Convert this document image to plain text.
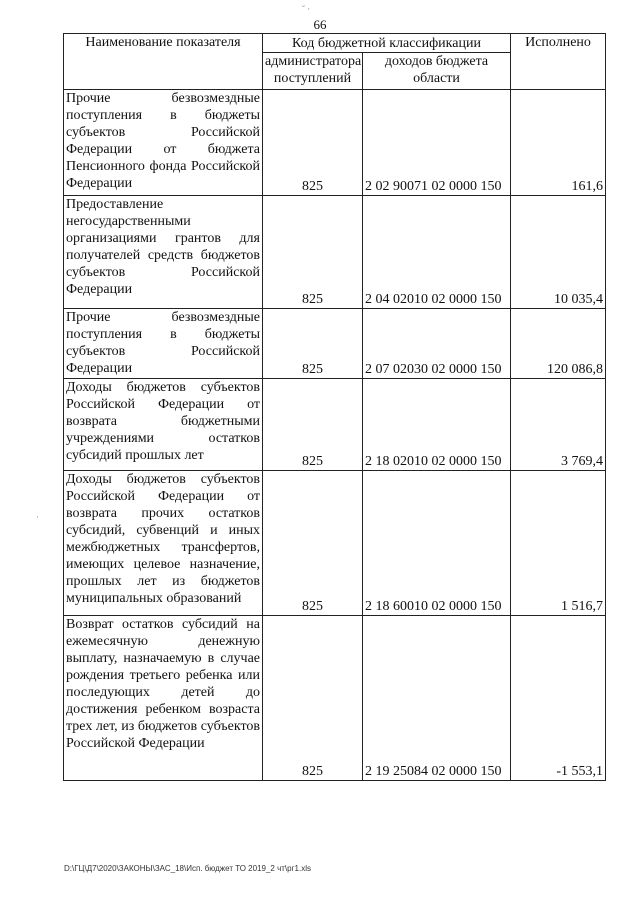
˘ ·
66
·
Наименование показателя	Код бюджетной классификации		Исполнено
	администратора поступлений	доходов бюджета области	
Прочие безвозмездные поступления в бюджеты субъектов Российской Федерации от бюджета Пенсионного фонда Российской Федерации	825	2 02 90071 02 0000 150	161,6
Предоставление негосударственными организациями грантов для получателей средств бюджетов субъектов Российской Федерации	825	2 04 02010 02 0000 150	10 035,4
Прочие безвозмездные поступления в бюджеты субъектов Российской Федерации	825	2 07 02030 02 0000 150	120 086,8
Доходы бюджетов субъектов Российской Федерации от возврата бюджетными учреждениями остатков субсидий прошлых лет	825	2 18 02010 02 0000 150	3 769,4
Доходы бюджетов субъектов Российской Федерации от возврата прочих остатков субсидий, субвенций и иных межбюджетных трансфертов, имеющих целевое назначение, прошлых лет из бюджетов муниципальных образований	825	2 18 60010 02 0000 150	1 516,7
Возврат остатков субсидий на ежемесячную денежную выплату, назначаемую в случае рождения третьего ребенка или последующих детей до достижения ребенком возраста трех лет, из бюджетов субъектов Российской Федерации	825	2 19 25084 02 0000 150	-1 553,1
D:\ГЦ\Д7\2020\ЗАКОНЫ\ЗАС_18\Исп. бюджет ТО 2019_2 чт\рг1.xls
